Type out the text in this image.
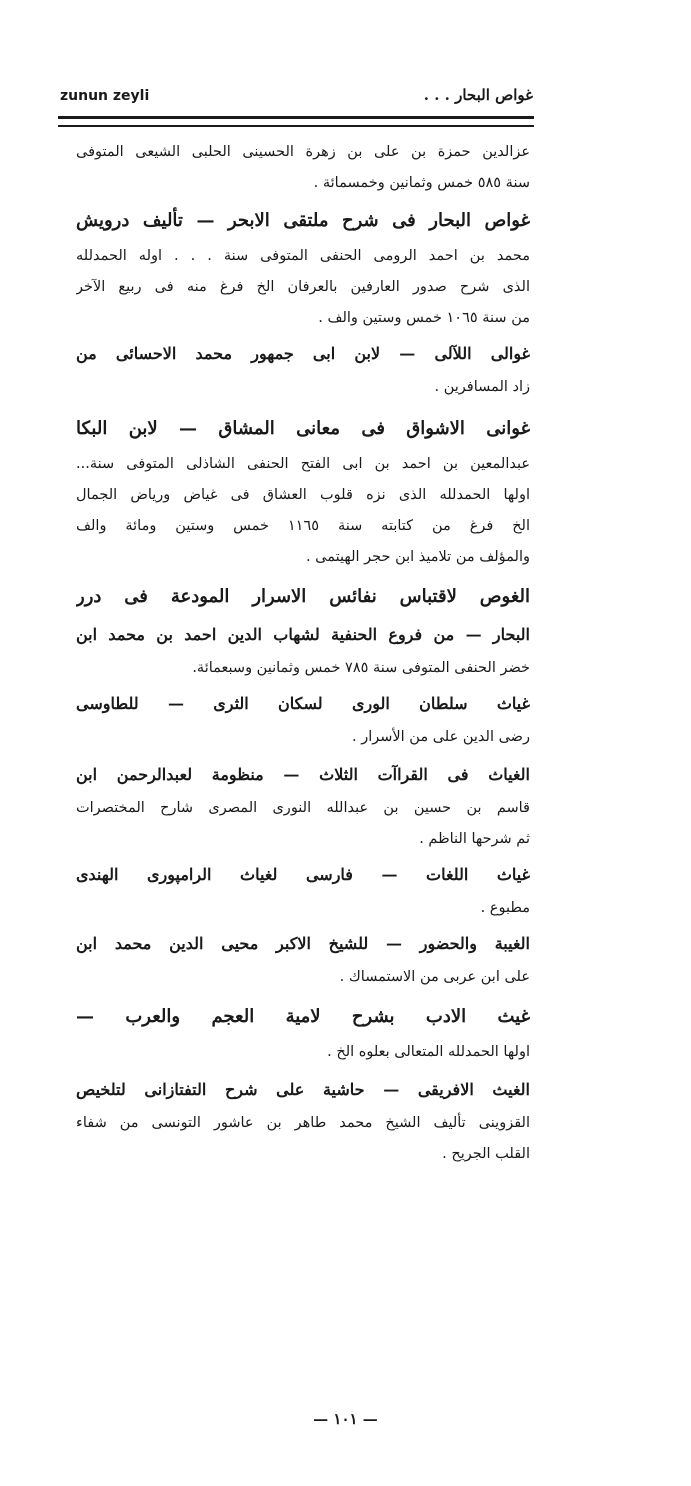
zunun zeyli	غواص البحار . . .
عزالدين حمزة بن على بن زهرة الحسينى الحلبى الشيعى المتوفى
سنة ٥٨٥ خمس وثمانين وخمسمائة .
غواص البحار فى شرح ملتقى الابحر — تأليف درويش
محمد بن احمد الرومى الحنفى المتوفى سنة . . . اوله الحمدلله
الذى شرح صدور العارفين بالعرفان الخ فرغ منه فى ربيع الآخر
من سنة ١٠٦٥ خمس وستين والف .
غوالى اللآلى — لابن ابى جمهور محمد الاحسائى من
زاد المسافرين .
غوانى الاشواق فى معانى المشاق — لابن البكا
عبدالمعين بن احمد بن ابى الفتح الحنفى الشاذلى المتوفى سنة...
اولها الحمدلله الذى نزه قلوب العشاق فى غياض ورياض الجمال
الخ فرغ من كتابته سنة ١١٦٥ خمس وستين ومائة والف
والمؤلف من تلاميذ ابن حجر الهيتمى .
الغوص لاقتباس نفائس الاسرار المودعة فى درر
البحار — من فروع الحنفية لشهاب الدين احمد بن محمد ابن
خضر الحنفى المتوفى سنة ٧٨٥ خمس وثمانين وسبعمائة.
غياث سلطان الورى لسكان الثرى — للطاوسى
رضى الدين على من الأسرار .
الغياث فى القراآت الثلاث — منظومة لعبدالرحمن ابن
قاسم بن حسين بن عبدالله النورى المصرى شارح المختصرات
ثم شرحها الناظم .
غياث اللغات — فارسى لغياث الرامپورى الهندى
مطبوع .
الغيبة والحضور — للشيخ الاكبر محيى الدين محمد ابن
على ابن عربى من الاستمساك .
غيث الادب بشرح لامية العجم والعرب —
اولها الحمدلله المتعالى بعلوه الخ .
الغيث الافريقى — حاشية على شرح التفتازانى لتلخيص
القزوينى تأليف الشيخ محمد طاهر بن عاشور التونسى من شفاء
القلب الجريح .
— ١٠١ —
